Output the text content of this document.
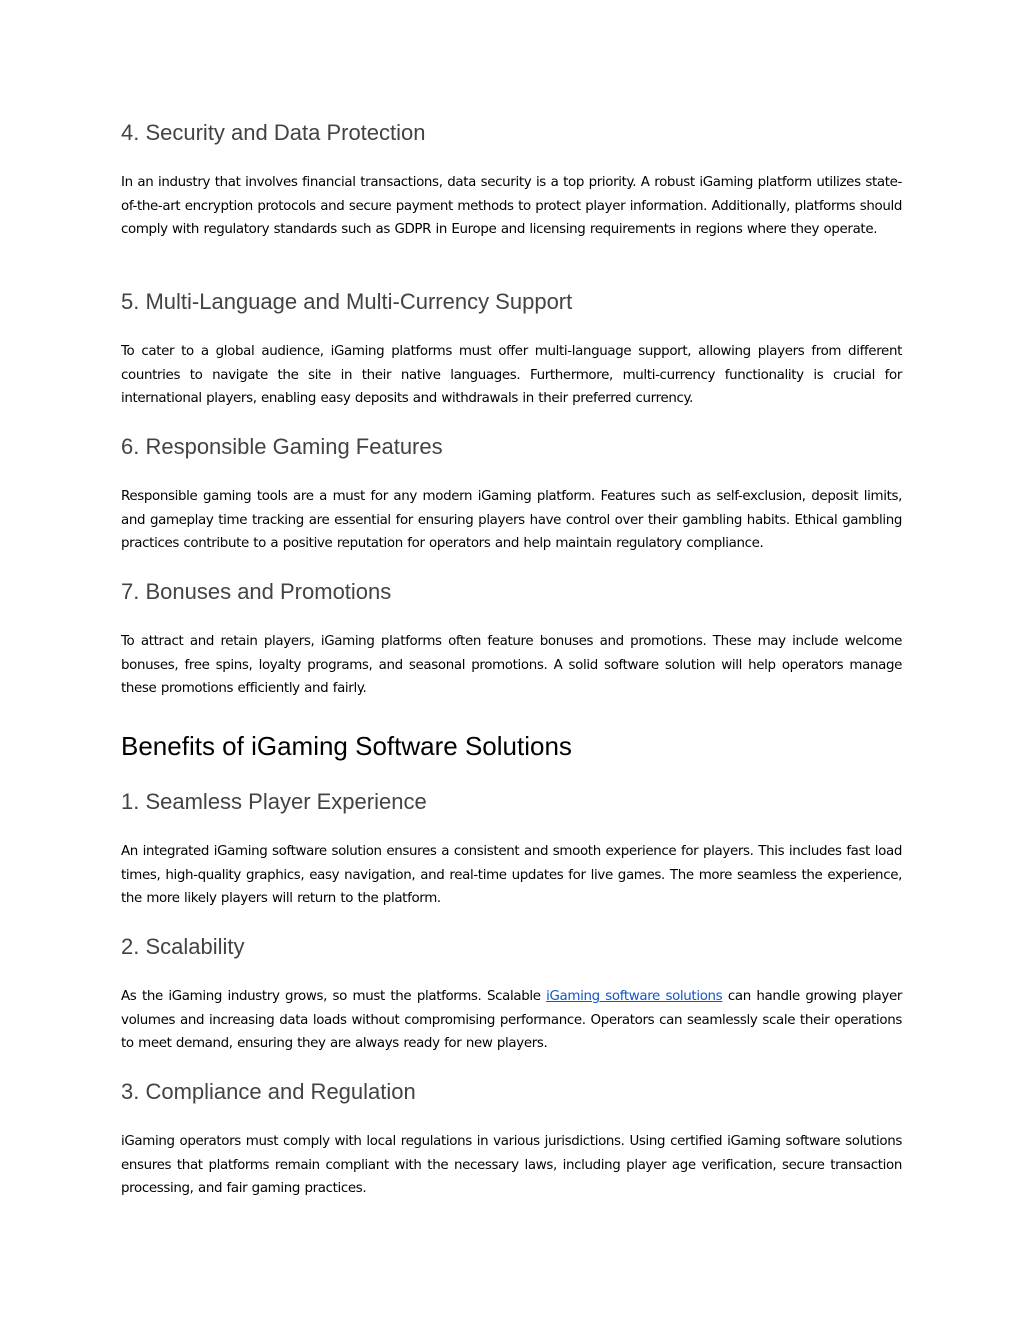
4. Security and Data Protection

In an industry that involves financial transactions, data security is a top priority. A robust iGaming platform utilizes state-of-the-art encryption protocols and secure payment methods to protect player information. Additionally, platforms should comply with regulatory standards such as GDPR in Europe and licensing requirements in regions where they operate.

5. Multi-Language and Multi-Currency Support

To cater to a global audience, iGaming platforms must offer multi-language support, allowing players from different countries to navigate the site in their native languages. Furthermore, multi-currency functionality is crucial for international players, enabling easy deposits and withdrawals in their preferred currency.

6. Responsible Gaming Features

Responsible gaming tools are a must for any modern iGaming platform. Features such as self-exclusion, deposit limits, and gameplay time tracking are essential for ensuring players have control over their gambling habits. Ethical gambling practices contribute to a positive reputation for operators and help maintain regulatory compliance.

7. Bonuses and Promotions

To attract and retain players, iGaming platforms often feature bonuses and promotions. These may include welcome bonuses, free spins, loyalty programs, and seasonal promotions. A solid software solution will help operators manage these promotions efficiently and fairly.

Benefits of iGaming Software Solutions
1. Seamless Player Experience

An integrated iGaming software solution ensures a consistent and smooth experience for players. This includes fast load times, high-quality graphics, easy navigation, and real-time updates for live games. The more seamless the experience, the more likely players will return to the platform.

2. Scalability

As the iGaming industry grows, so must the platforms. Scalable iGaming software solutions can handle growing player volumes and increasing data loads without compromising performance. Operators can seamlessly scale their operations to meet demand, ensuring they are always ready for new players.

3. Compliance and Regulation

iGaming operators must comply with local regulations in various jurisdictions. Using certified iGaming software solutions ensures that platforms remain compliant with the necessary laws, including player age verification, secure transaction processing, and fair gaming practices.
